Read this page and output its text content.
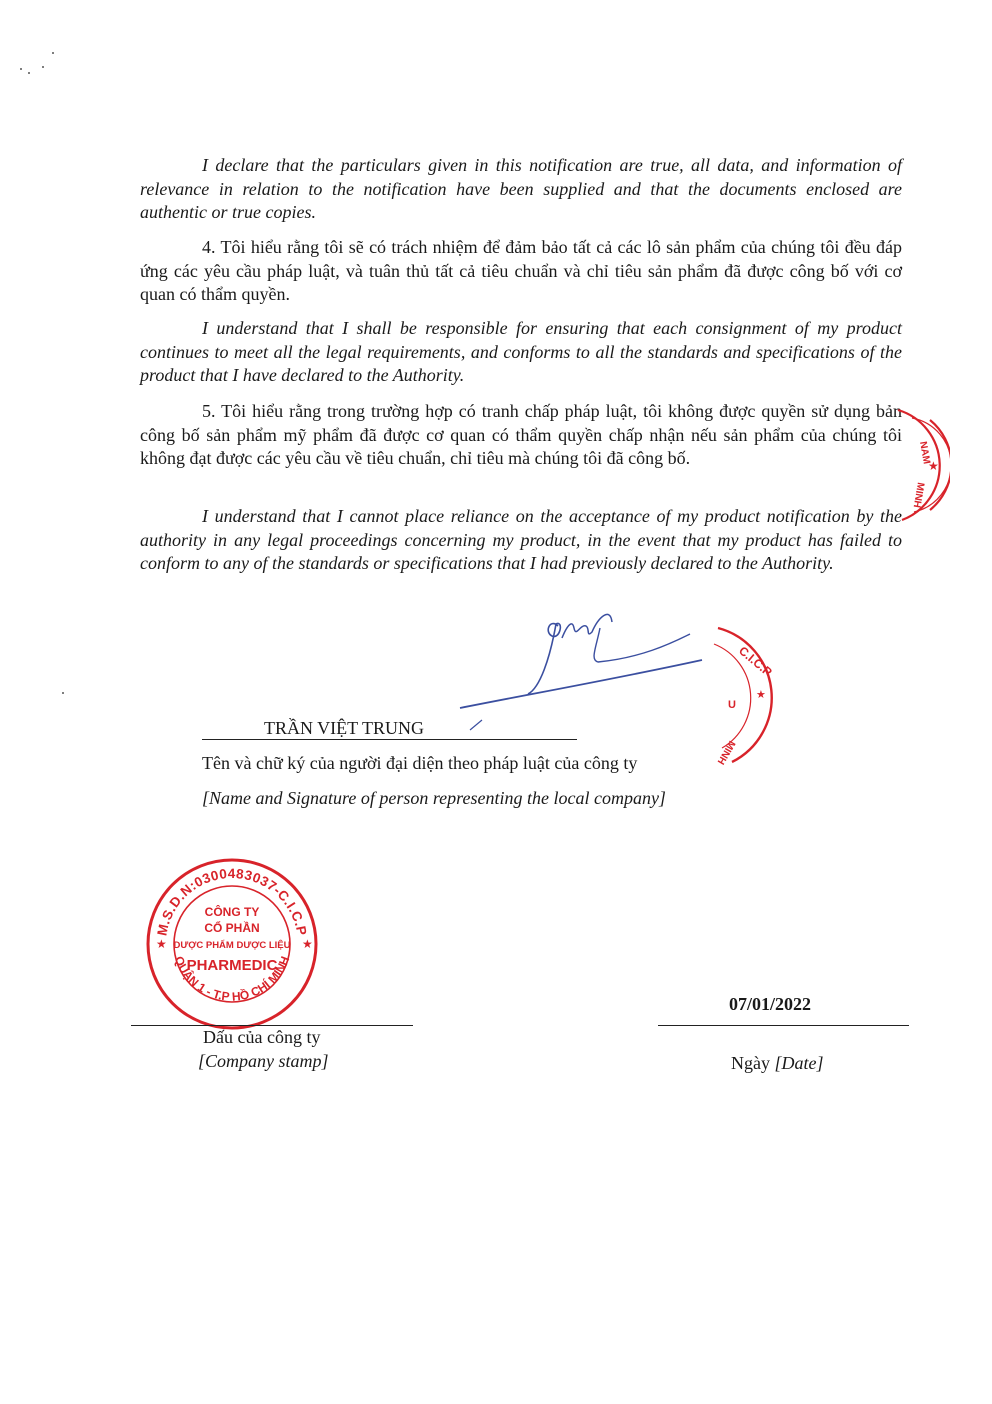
I declare that the particulars given in this notification are true, all data, and information of relevance in relation to the notification have been supplied and that the documents enclosed are authentic or true copies.

4. Tôi hiểu rằng tôi sẽ có trách nhiệm để đảm bảo tất cả các lô sản phẩm của chúng tôi đều đáp ứng các yêu cầu pháp luật, và tuân thủ tất cả tiêu chuẩn và chỉ tiêu sản phẩm đã được công bố với cơ quan có thẩm quyền.

I understand that I shall be responsible for ensuring that each consignment of my product continues to meet all the legal requirements, and conforms to all the standards and specifications of the product that I have declared to the Authority.

5. Tôi hiểu rằng trong trường hợp có tranh chấp pháp luật, tôi không được quyền sử dụng bản công bố sản phẩm mỹ phẩm đã được cơ quan có thẩm quyền chấp nhận nếu sản phẩm của chúng tôi không đạt được các yêu cầu về tiêu chuẩn, chỉ tiêu mà chúng tôi đã công bố.

I understand that I cannot place reliance on the acceptance of my product notification by the authority in any legal proceedings concerning my product, in the event that my product has failed to conform to any of the standards or specifications that I had previously declared to the Authority.

NAM
★
MINH
C.I.C.P
★
U
MINH
TRẦN VIỆT TRUNG
Tên và chữ ký của người đại diện theo pháp luật của công ty
[Name and Signature of person representing the local company]
M.S.D.N:0300483037-C.I.C.P
QUẬN 1 - T.P HỒ CHÍ MINH
★	★
CÔNG TY
CỔ PHẦN
DƯỢC PHẨM DƯỢC LIỆU
PHARMEDIC
Dấu của công ty
[Company stamp]
07/01/2022
Ngày [Date]
